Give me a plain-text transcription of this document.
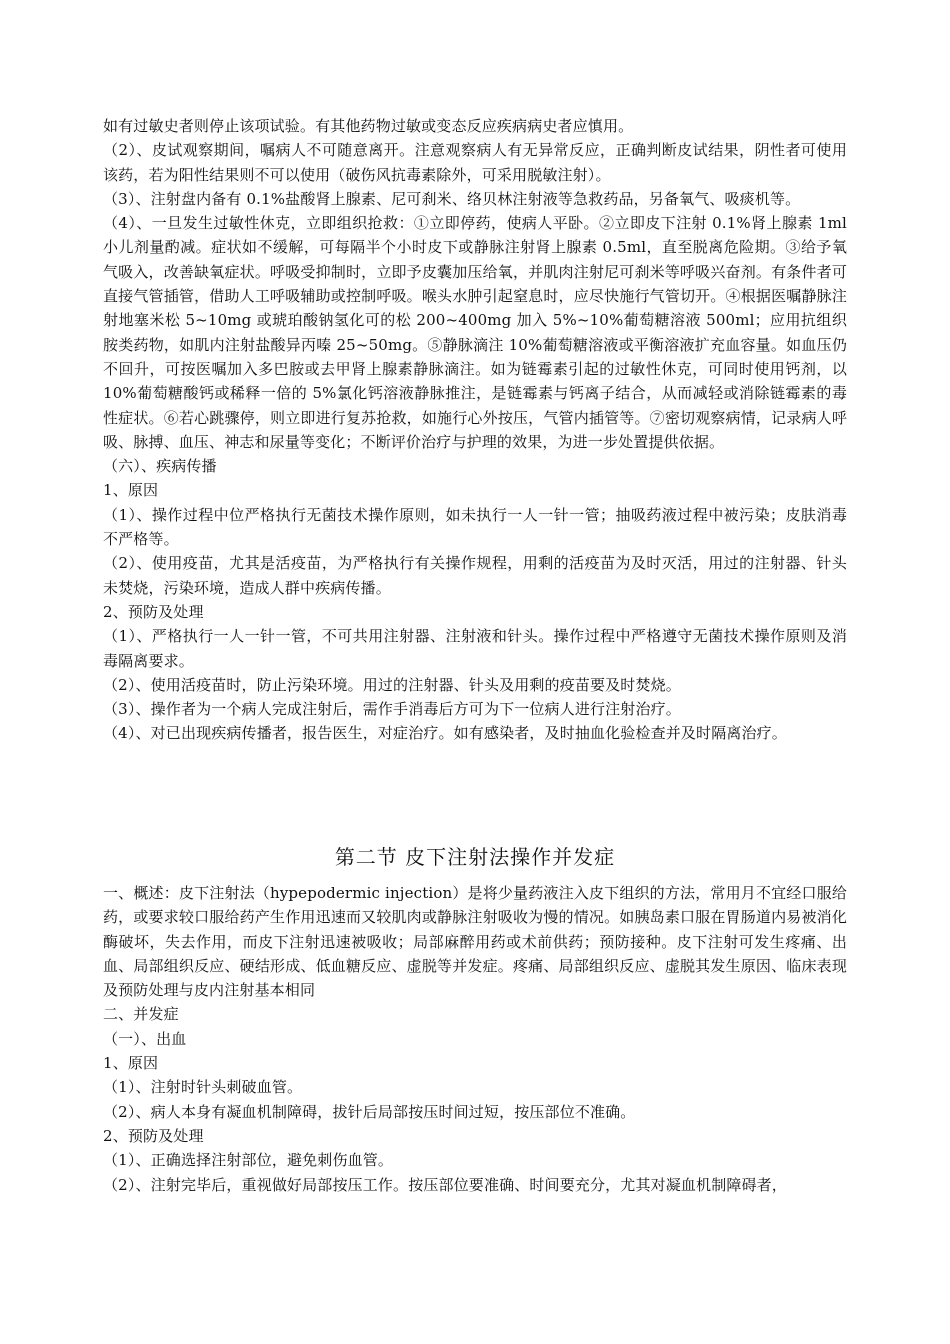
如有过敏史者则停止该项试验。有其他药物过敏或变态反应疾病病史者应慎用。

（2）、皮试观察期间，嘱病人不可随意离开。注意观察病人有无异常反应，正确判断皮试结果，阴性者可使用该药，若为阳性结果则不可以使用（破伤风抗毒素除外，可采用脱敏注射）。

（3）、注射盘内备有 0.1%盐酸肾上腺素、尼可刹米、络贝林注射液等急救药品，另备氧气、吸痰机等。

（4）、一旦发生过敏性休克，立即组织抢救：①立即停药，使病人平卧。②立即皮下注射 0.1%肾上腺素 1ml 小儿剂量酌减。症状如不缓解，可每隔半个小时皮下或静脉注射肾上腺素 0.5ml，直至脱离危险期。③给予氧气吸入，改善缺氧症状。呼吸受抑制时，立即予皮囊加压给氧，并肌肉注射尼可刹米等呼吸兴奋剂。有条件者可直接气管插管，借助人工呼吸辅助或控制呼吸。喉头水肿引起窒息时，应尽快施行气管切开。④根据医嘱静脉注射地塞米松 5~10mg 或琥珀酸钠氢化可的松 200~400mg 加入 5%~10%葡萄糖溶液 500ml；应用抗组织胺类药物，如肌内注射盐酸异丙嗪 25~50mg。⑤静脉滴注 10%葡萄糖溶液或平衡溶液扩充血容量。如血压仍不回升，可按医嘱加入多巴胺或去甲肾上腺素静脉滴注。如为链霉素引起的过敏性休克，可同时使用钙剂，以 10%葡萄糖酸钙或稀释一倍的 5%氯化钙溶液静脉推注，是链霉素与钙离子结合，从而减轻或消除链霉素的毒性症状。⑥若心跳骤停，则立即进行复苏抢救，如施行心外按压，气管内插管等。⑦密切观察病情，记录病人呼吸、脉搏、血压、神志和尿量等变化；不断评价治疗与护理的效果，为进一步处置提供依据。

（六）、疾病传播

1、原因

（1）、操作过程中位严格执行无菌技术操作原则，如未执行一人一针一管；抽吸药液过程中被污染；皮肤消毒不严格等。

（2）、使用疫苗，尤其是活疫苗，为严格执行有关操作规程，用剩的活疫苗为及时灭活，用过的注射器、针头未焚烧，污染环境，造成人群中疾病传播。

2、预防及处理

（1）、严格执行一人一针一管，不可共用注射器、注射液和针头。操作过程中严格遵守无菌技术操作原则及消毒隔离要求。

（2）、使用活疫苗时，防止污染环境。用过的注射器、针头及用剩的疫苗要及时焚烧。

（3）、操作者为一个病人完成注射后，需作手消毒后方可为下一位病人进行注射治疗。

（4）、对已出现疾病传播者，报告医生，对症治疗。如有感染者，及时抽血化验检查并及时隔离治疗。

第二节 皮下注射法操作并发症

一、概述：皮下注射法（hypepodermic injection）是将少量药液注入皮下组织的方法，常用月不宜经口服给药，或要求较口服给药产生作用迅速而又较肌肉或静脉注射吸收为慢的情况。如胰岛素口服在胃肠道内易被消化酶破坏，失去作用，而皮下注射迅速被吸收；局部麻醉用药或术前供药；预防接种。皮下注射可发生疼痛、出血、局部组织反应、硬结形成、低血糖反应、虚脱等并发症。疼痛、局部组织反应、虚脱其发生原因、临床表现及预防处理与皮内注射基本相同

二、并发症

（一）、出血

1、原因

（1）、注射时针头刺破血管。

（2）、病人本身有凝血机制障碍，拔针后局部按压时间过短，按压部位不准确。

2、预防及处理

（1）、正确选择注射部位，避免刺伤血管。

（2）、注射完毕后，重视做好局部按压工作。按压部位要准确、时间要充分，尤其对凝血机制障碍者，
